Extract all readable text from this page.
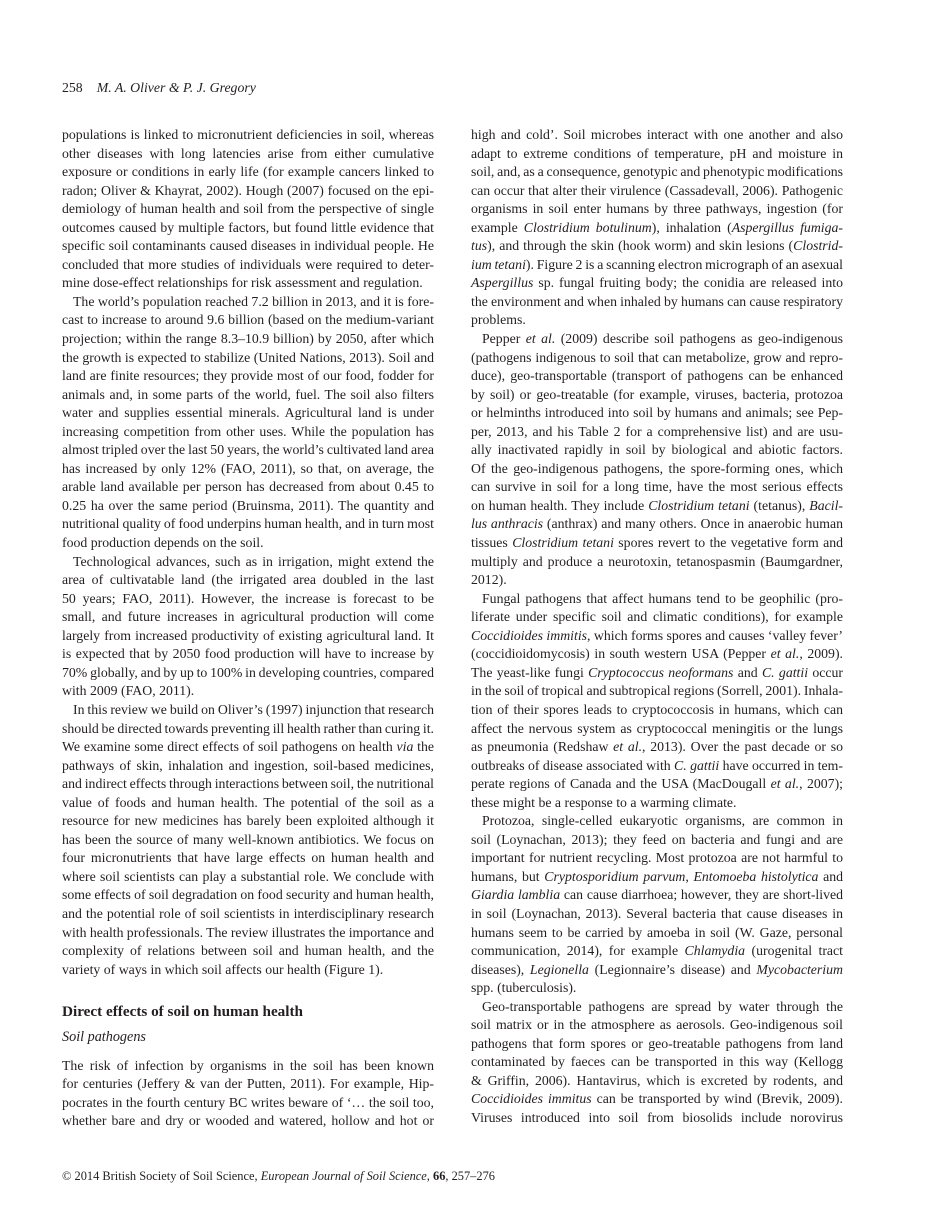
258 M. A. Oliver & P. J. Gregory
populations is linked to micronutrient deficiencies in soil, whereas
other diseases with long latencies arise from either cumulative
exposure or conditions in early life (for example cancers linked to
radon; Oliver & Khayrat, 2002). Hough (2007) focused on the epi-
demiology of human health and soil from the perspective of single
outcomes caused by multiple factors, but found little evidence that
specific soil contaminants caused diseases in individual people. He
concluded that more studies of individuals were required to deter-
mine dose-effect relationships for risk assessment and regulation.
The world’s population reached 7.2 billion in 2013, and it is fore-
cast to increase to around 9.6 billion (based on the medium-variant
projection; within the range 8.3–10.9 billion) by 2050, after which
the growth is expected to stabilize (United Nations, 2013). Soil and
land are finite resources; they provide most of our food, fodder for
animals and, in some parts of the world, fuel. The soil also filters
water and supplies essential minerals. Agricultural land is under
increasing competition from other uses. While the population has
almost tripled over the last 50 years, the world’s cultivated land area
has increased by only 12% (FAO, 2011), so that, on average, the
arable land available per person has decreased from about 0.45 to
0.25 ha over the same period (Bruinsma, 2011). The quantity and
nutritional quality of food underpins human health, and in turn most
food production depends on the soil.
Technological advances, such as in irrigation, might extend the
area of cultivatable land (the irrigated area doubled in the last
50 years; FAO, 2011). However, the increase is forecast to be
small, and future increases in agricultural production will come
largely from increased productivity of existing agricultural land. It
is expected that by 2050 food production will have to increase by
70% globally, and by up to 100% in developing countries, compared
with 2009 (FAO, 2011).
In this review we build on Oliver’s (1997) injunction that research
should be directed towards preventing ill health rather than curing it.
We examine some direct effects of soil pathogens on health via the
pathways of skin, inhalation and ingestion, soil-based medicines,
and indirect effects through interactions between soil, the nutritional
value of foods and human health. The potential of the soil as a
resource for new medicines has barely been exploited although it
has been the source of many well-known antibiotics. We focus on
four micronutrients that have large effects on human health and
where soil scientists can play a substantial role. We conclude with
some effects of soil degradation on food security and human health,
and the potential role of soil scientists in interdisciplinary research
with health professionals. The review illustrates the importance and
complexity of relations between soil and human health, and the
variety of ways in which soil affects our health (Figure 1).
Direct effects of soil on human health
Soil pathogens
The risk of infection by organisms in the soil has been known
for centuries (Jeffery & van der Putten, 2011). For example, Hip-
pocrates in the fourth century BC writes beware of ‘… the soil too,
whether bare and dry or wooded and watered, hollow and hot or
high and cold’. Soil microbes interact with one another and also
adapt to extreme conditions of temperature, pH and moisture in
soil, and, as a consequence, genotypic and phenotypic modifications
can occur that alter their virulence (Cassadevall, 2006). Pathogenic
organisms in soil enter humans by three pathways, ingestion (for
example Clostridium botulinum), inhalation (Aspergillus fumiga-
tus), and through the skin (hook worm) and skin lesions (Clostrid-
ium tetani). Figure 2 is a scanning electron micrograph of an asexual
Aspergillus sp. fungal fruiting body; the conidia are released into
the environment and when inhaled by humans can cause respiratory
problems.
Pepper et al. (2009) describe soil pathogens as geo-indigenous
(pathogens indigenous to soil that can metabolize, grow and repro-
duce), geo-transportable (transport of pathogens can be enhanced
by soil) or geo-treatable (for example, viruses, bacteria, protozoa
or helminths introduced into soil by humans and animals; see Pep-
per, 2013, and his Table 2 for a comprehensive list) and are usu-
ally inactivated rapidly in soil by biological and abiotic factors.
Of the geo-indigenous pathogens, the spore-forming ones, which
can survive in soil for a long time, have the most serious effects
on human health. They include Clostridium tetani (tetanus), Bacil-
lus anthracis (anthrax) and many others. Once in anaerobic human
tissues Clostridium tetani spores revert to the vegetative form and
multiply and produce a neurotoxin, tetanospasmin (Baumgardner,
2012).
Fungal pathogens that affect humans tend to be geophilic (pro-
liferate under specific soil and climatic conditions), for example
Coccidioides immitis, which forms spores and causes ‘valley fever’
(coccidioidomycosis) in south western USA (Pepper et al., 2009).
The yeast-like fungi Cryptococcus neoformans and C. gattii occur
in the soil of tropical and subtropical regions (Sorrell, 2001). Inhala-
tion of their spores leads to cryptococcosis in humans, which can
affect the nervous system as cryptococcal meningitis or the lungs
as pneumonia (Redshaw et al., 2013). Over the past decade or so
outbreaks of disease associated with C. gattii have occurred in tem-
perate regions of Canada and the USA (MacDougall et al., 2007);
these might be a response to a warming climate.
Protozoa, single-celled eukaryotic organisms, are common in
soil (Loynachan, 2013); they feed on bacteria and fungi and are
important for nutrient recycling. Most protozoa are not harmful to
humans, but Cryptosporidium parvum, Entomoeba histolytica and
Giardia lamblia can cause diarrhoea; however, they are short-lived
in soil (Loynachan, 2013). Several bacteria that cause diseases in
humans seem to be carried by amoeba in soil (W. Gaze, personal
communication, 2014), for example Chlamydia (urogenital tract
diseases), Legionella (Legionnaire’s disease) and Mycobacterium
spp. (tuberculosis).
Geo-transportable pathogens are spread by water through the
soil matrix or in the atmosphere as aerosols. Geo-indigenous soil
pathogens that form spores or geo-treatable pathogens from land
contaminated by faeces can be transported in this way (Kellogg
& Griffin, 2006). Hantavirus, which is excreted by rodents, and
Coccidioides immitus can be transported by wind (Brevik, 2009).
Viruses introduced into soil from biosolids include norovirus
© 2014 British Society of Soil Science, European Journal of Soil Science, 66, 257–276
